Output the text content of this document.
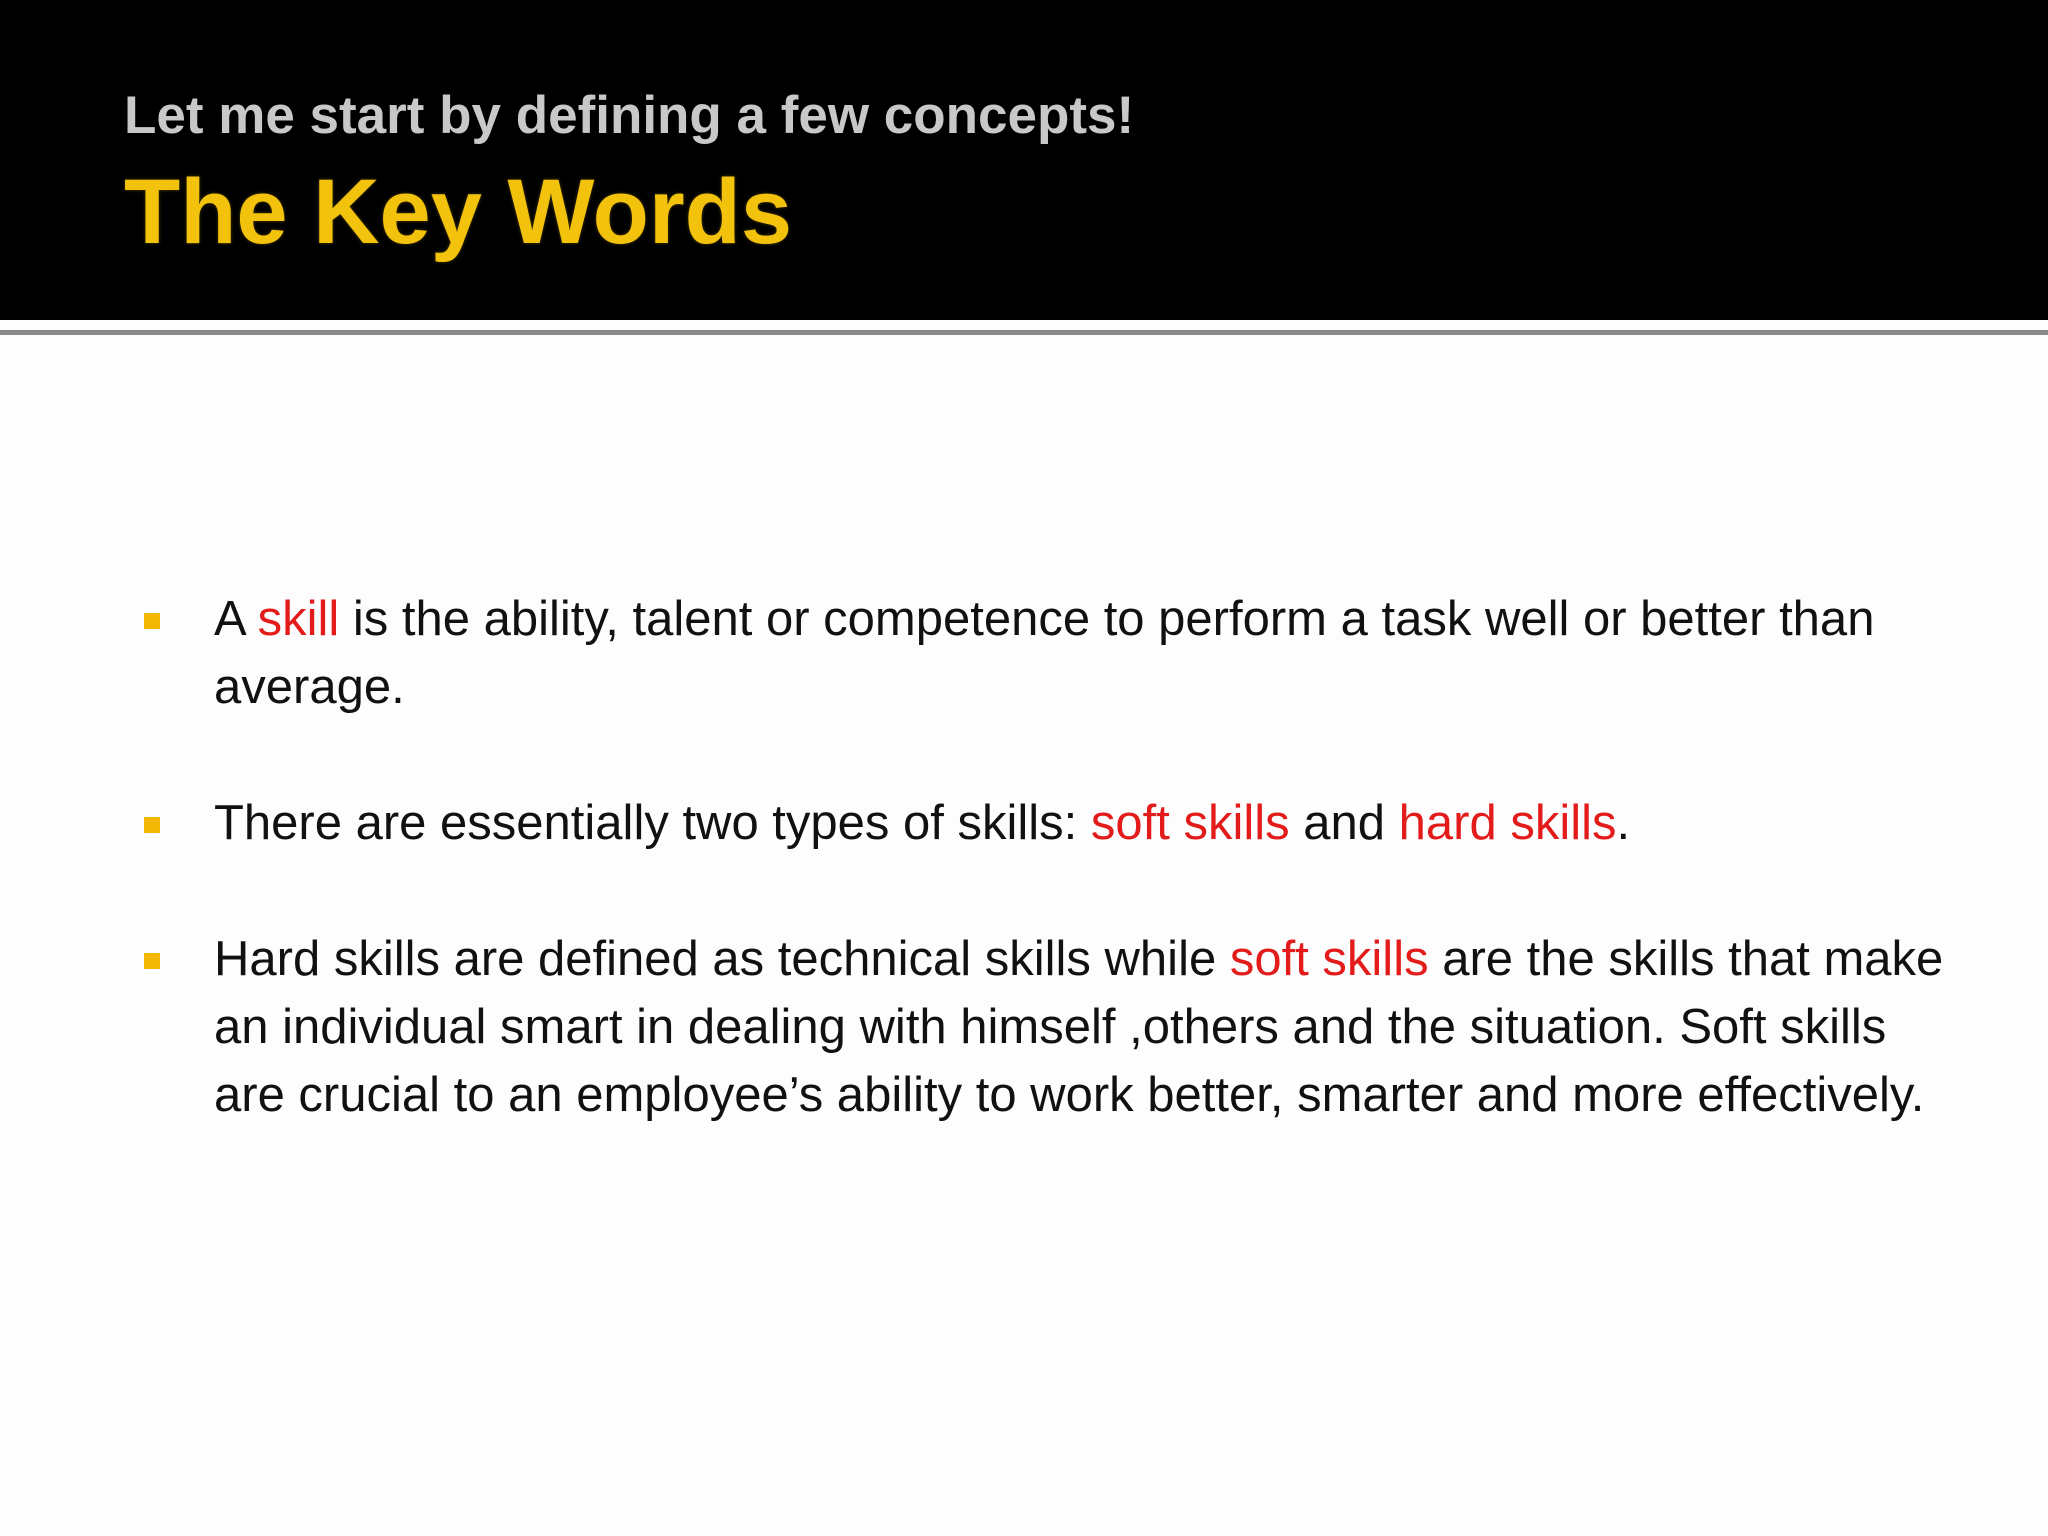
Let me start by defining a few concepts!
The Key Words
A skill is the ability, talent or competence to perform a task well or better than average.
There are essentially two types of skills: soft skills and hard skills.
Hard skills are defined as technical skills while soft skills are the skills that make an individual smart in dealing with himself ,others and the situation. Soft skills are crucial to an employee’s ability to work better, smarter and more effectively.
